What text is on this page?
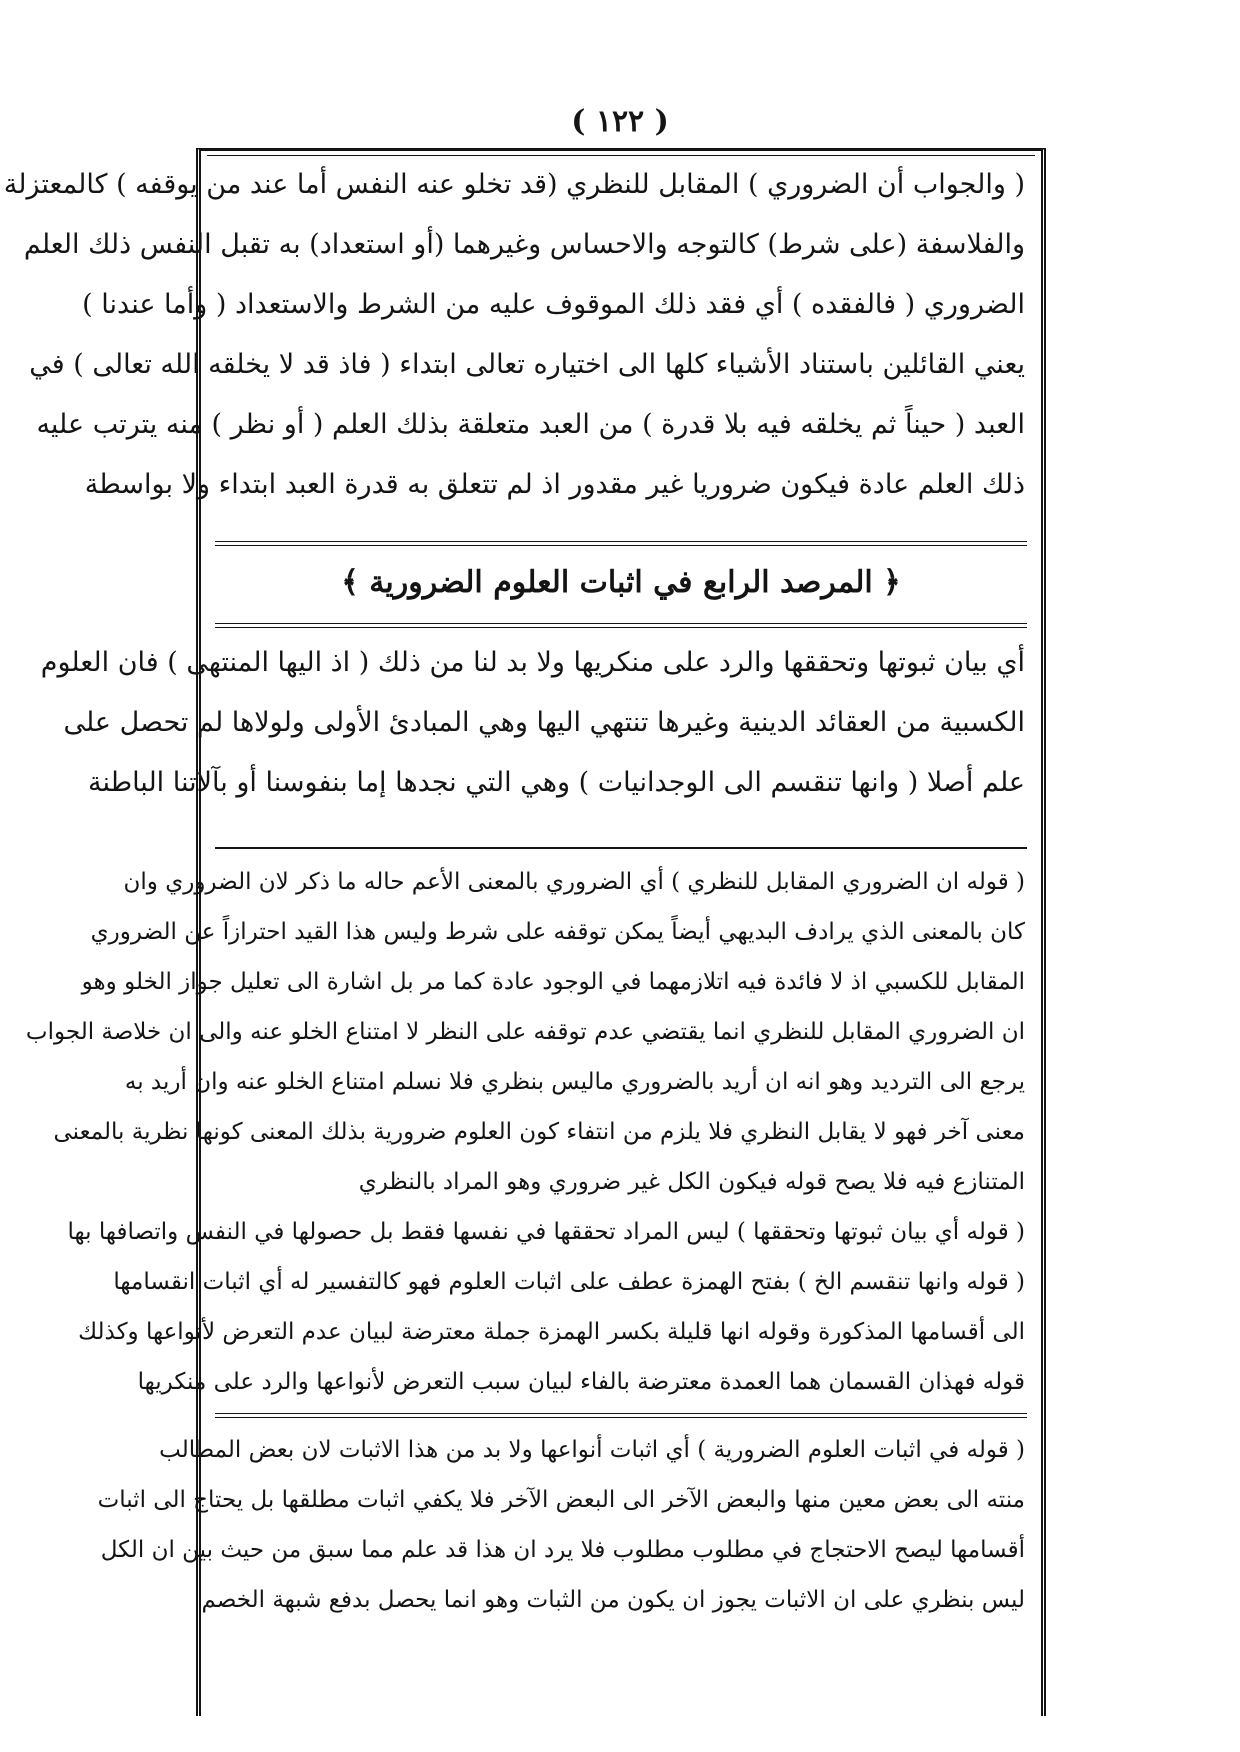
( ١٢٢ )
( والجواب أن الضروري ) المقابل للنظري (قد تخلو عنه النفس أما عند من يوقفه ) كالمعتزلة
والفلاسفة (على شرط) كالتوجه والاحساس وغيرهما (أو استعداد) به تقبل النفس ذلك العلم
الضروري ( فالفقده ) أي فقد ذلك الموقوف عليه من الشرط والاستعداد ( وأما عندنا )
يعني القائلين باستناد الأشياء كلها الى اختياره تعالى ابتداء ( فاذ قد لا يخلقه الله تعالى ) في
العبد ( حيناً ثم يخلقه فيه بلا قدرة ) من العبد متعلقة بذلك العلم ( أو نظر ) منه يترتب عليه
ذلك العلم عادة فيكون ضروريا غير مقدور اذ لم تتعلق به قدرة العبد ابتداء ولا بواسطة
﴿ المرصد الرابع في اثبات العلوم الضرورية ﴾
أي بيان ثبوتها وتحققها والرد على منكريها ولا بد لنا من ذلك ( اذ اليها المنتهى ) فان العلوم
الكسبية من العقائد الدينية وغيرها تنتهي اليها وهي المبادئ الأولى ولولاها لم تحصل على
علم أصلا ( وانها تنقسم الى الوجدانيات ) وهي التي نجدها إما بنفوسنا أو بآلاتنا الباطنة
( قوله ان الضروري المقابل للنظري ) أي الضروري بالمعنى الأعم حاله ما ذكر لان الضروري وان
كان بالمعنى الذي يرادف البديهي أيضاً يمكن توقفه على شرط وليس هذا القيد احترازاً عن الضروري
المقابل للكسبي اذ لا فائدة فيه اتلازمهما في الوجود عادة كما مر بل اشارة الى تعليل جواز الخلو وهو
ان الضروري المقابل للنظري انما يقتضي عدم توقفه على النظر لا امتناع الخلو عنه والى ان خلاصة الجواب
يرجع الى الترديد وهو انه ان أريد بالضروري ماليس بنظري فلا نسلم امتناع الخلو عنه وان أريد به
معنى آخر فهو لا يقابل النظري فلا يلزم من انتفاء كون العلوم ضرورية بذلك المعنى كونها نظرية بالمعنى
المتنازع فيه فلا يصح قوله فيكون الكل غير ضروري وهو المراد بالنظري
( قوله أي بيان ثبوتها وتحققها ) ليس المراد تحققها في نفسها فقط بل حصولها في النفس واتصافها بها
( قوله وانها تنقسم الخ ) بفتح الهمزة عطف على اثبات العلوم فهو كالتفسير له أي اثبات انقسامها
الى أقسامها المذكورة وقوله انها قليلة بكسر الهمزة جملة معترضة لبيان عدم التعرض لأنواعها وكذلك
قوله فهذان القسمان هما العمدة معترضة بالفاء لبيان سبب التعرض لأنواعها والرد على منكريها
( قوله في اثبات العلوم الضرورية ) أي اثبات أنواعها ولا بد من هذا الاثبات لان بعض المطالب
منته الى بعض معين منها والبعض الآخر الى البعض الآخر فلا يكفي اثبات مطلقها بل يحتاج الى اثبات
أقسامها ليصح الاحتجاج في مطلوب مطلوب فلا يرد ان هذا قد علم مما سبق من حيث بين ان الكل
ليس بنظري على ان الاثبات يجوز ان يكون من الثبات وهو انما يحصل بدفع شبهة الخصم
